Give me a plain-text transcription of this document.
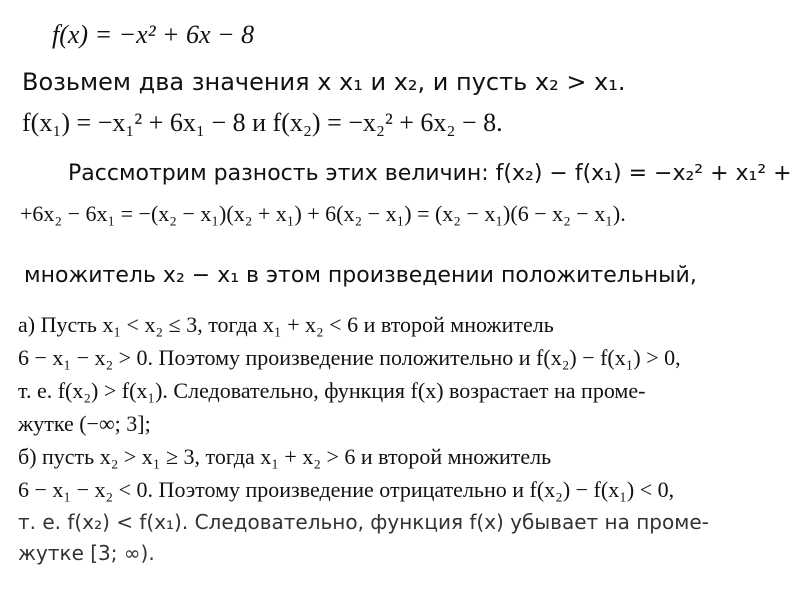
f(x) = −x² + 6x − 8
Возьмем два значения x x₁ и x₂, и пусть x₂ > x₁.
f(x₁) = −x₁² + 6x₁ − 8 и f(x₂) = −x₂² + 6x₂ − 8.
Рассмотрим разность этих величин: f(x₂) − f(x₁) = −x₂² + x₁² +
+6x₂ − 6x₁ = −(x₂ − x₁)(x₂ + x₁) + 6(x₂ − x₁) = (x₂ − x₁)(6 − x₂ − x₁).
множитель x₂ − x₁ в этом произведении положительный,
а) Пусть x₁ < x₂ ≤ 3, тогда x₁ + x₂ < 6 и второй множитель
6 − x₁ − x₂ > 0. Поэтому произведение положительно и f(x₂) − f(x₁) > 0,
т. е. f(x₂) > f(x₁). Следовательно, функция f(x) возрастает на проме-
жутке (−∞; 3];
б) пусть x₂ > x₁ ≥ 3, тогда x₁ + x₂ > 6 и второй множитель
6 − x₁ − x₂ < 0. Поэтому произведение отрицательно и f(x₂) − f(x₁) < 0,
т. е. f(x₂) < f(x₁). Следовательно, функция f(x) убывает на проме-
жутке [3; ∞).
